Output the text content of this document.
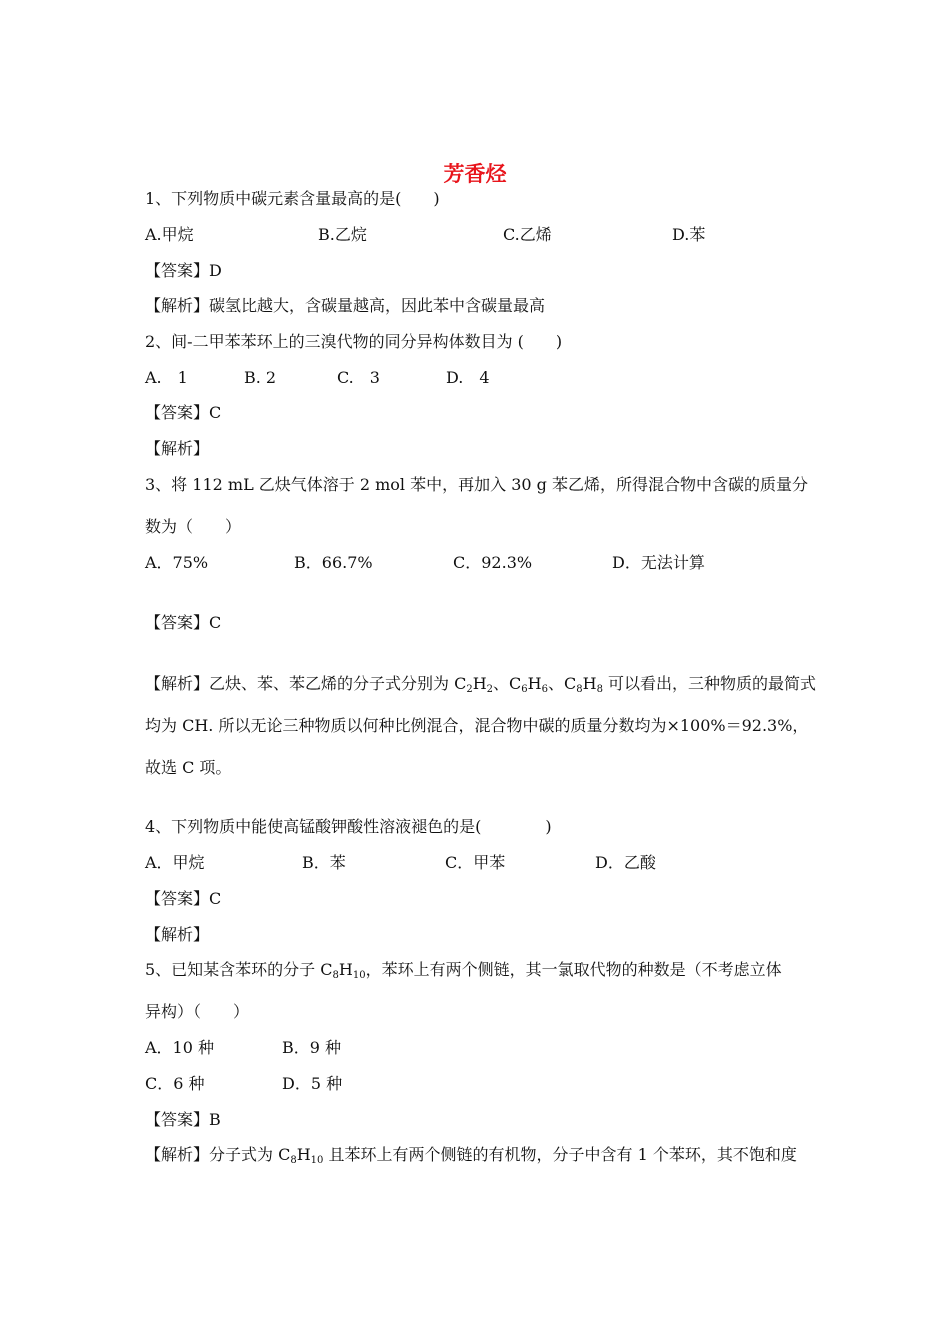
芳香烃
1、下列物质中碳元素含量最高的是(　　)
A.甲烷	B.乙烷	C.乙烯	D.苯
【答案】D
【解析】碳氢比越大，含碳量越高，因此苯中含碳量最高
2、间-二甲苯苯环上的三溴代物的同分异构体数目为 (　　)
A.　1	B. 2	C.　3	D.　4
【答案】C
【解析】
3、将 112 mL 乙炔气体溶于 2 mol 苯中，再加入 30 g 苯乙烯，所得混合物中含碳的质量分
数为（　　）
A．75%	B．66.7%	C．92.3%	D．无法计算
【答案】C
【解析】乙炔、苯、苯乙烯的分子式分别为 $C_2H_2$、$C_6H_6$、$C_8H_8$ 可以看出，三种物质的最简式
均为 CH. 所以无论三种物质以何种比例混合，混合物中碳的质量分数均为×100%＝92.3%，
故选 C 项。
4、下列物质中能使高锰酸钾酸性溶液褪色的是(　　　　)
A．甲烷	B．苯	C．甲苯	D．乙酸
【答案】C
【解析】
5、已知某含苯环的分子 $C_8H_{10}$，苯环上有两个侧链，其一氯取代物的种数是（不考虑立体
异构）（　　）
A．10 种	B．9 种
C．6 种	D．5 种
【答案】B
【解析】分子式为 $C_8H_{10}$ 且苯环上有两个侧链的有机物，分子中含有 1 个苯环，其不饱和度
